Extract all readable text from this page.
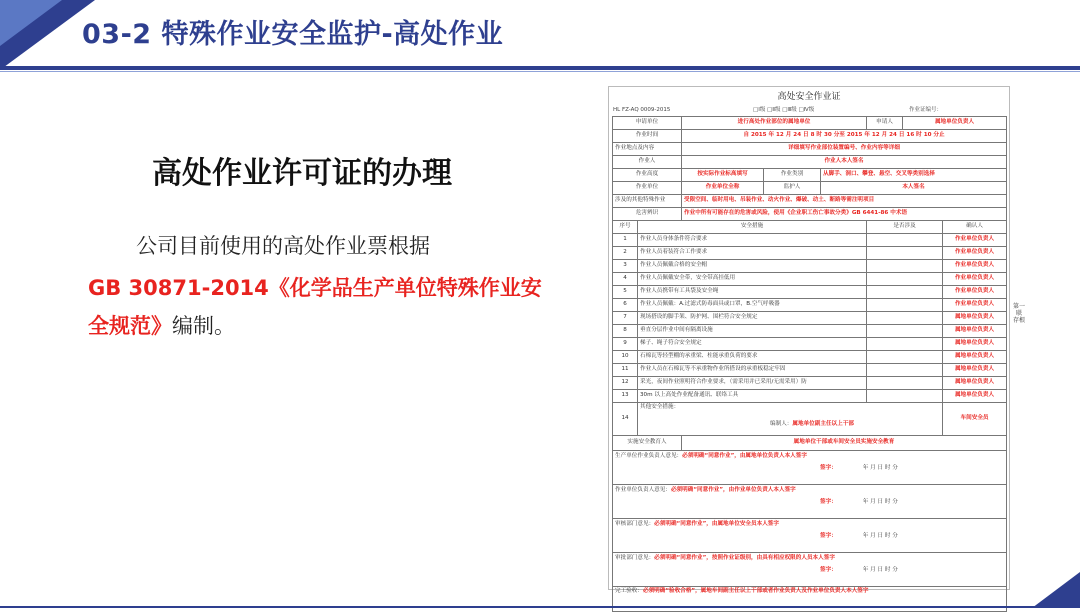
03-2 特殊作业安全监护-高处作业
高处作业许可证的办理
公司目前使用的高处作业票根据
GB 30871-2014《化学品生产单位特殊作业安
全规范》编制。
高处安全作业证
HL FZ-AQ 0009-2015	□Ⅰ级 □Ⅱ级 □Ⅲ级 □Ⅳ级	作业证编号：
申请单位		进行高处作业部位的属地单位			申请人	属地单位负责人	
作业时间		自 2015 年 12 月 24 日 8 时 30 分至 2015 年 12 月 24 日 16 时 10 分止					
作业地点及内容		详细填写作业部位装置编号、作业内容等详细					
作业人		作业人本人签名					
作业高度		按实际作业标高填写	作业类别	从脚手、洞口、攀登、悬空、交叉等类别选择			
作业单位		作业单位全称	监护人	本人签名			
涉及的其他特殊作业		受限空间、临时用电、吊装作业、动火作业、爆破、动土、断路等需注明项目					
危害辨识		作业中所有可能存在的危害或风险，使用《企业职工伤亡事故分类》GB 6441-86 中术语					
序号	安全措施				是否涉及		确认人
1	作业人员身体条件符合要求						作业单位负责人
2	作业人员着装符合工作要求						作业单位负责人
3	作业人员佩戴合格的安全帽						作业单位负责人
4	作业人员佩戴安全带，安全带高挂低用						作业单位负责人
5	作业人员携带有工具袋及安全绳						作业单位负责人
6	作业人员佩戴：A.过滤式防毒面具或口罩，B.空气呼吸器						作业单位负责人
7	现场搭设的脚手架、防护网、围栏符合安全规定						属地单位负责人
8	垂直分层作业中间有隔离设施						属地单位负责人
9	梯子、绳子符合安全规定						属地单位负责人
10	石棉瓦等轻型棚的承重梁、柱能承重负荷的要求						属地单位负责人
11	作业人员在石棉瓦等不承重物作业所搭设的承重板稳定牢固						属地单位负责人
12	采光，夜间作业照明符合作业要求，（需采用并已采用/无需采用）防						属地单位负责人
13	30m 以上高处作业配备通讯、联络工具						属地单位负责人
14	其他安全措施：
编制人：属地单位副主任以上干部						车间安全员
实施安全教育人		属地单位干部或车间安全员实施安全教育					

生产单位作业负责人意见：必须明确“同意作业”，由属地单位负责人本人签字
签字： 年 月 日 时 分							

作业单位负责人意见：必须明确“同意作业”，由作业单位负责人本人签字
签字： 年 月 日 时 分							

审核部门意见：必须明确“同意作业”，由属地单位安全员本人签字
签字： 年 月 日 时 分							

审批部门意见：必须明确“同意作业”，按照作业证级别，由具有相应权限的人员本人签字
签字： 年 月 日 时 分							

完工验收：必须明确“验收合格”，属地车间副主任以上干部或者作业负责人及作业单位负责人本人签字							
第一联 存根
